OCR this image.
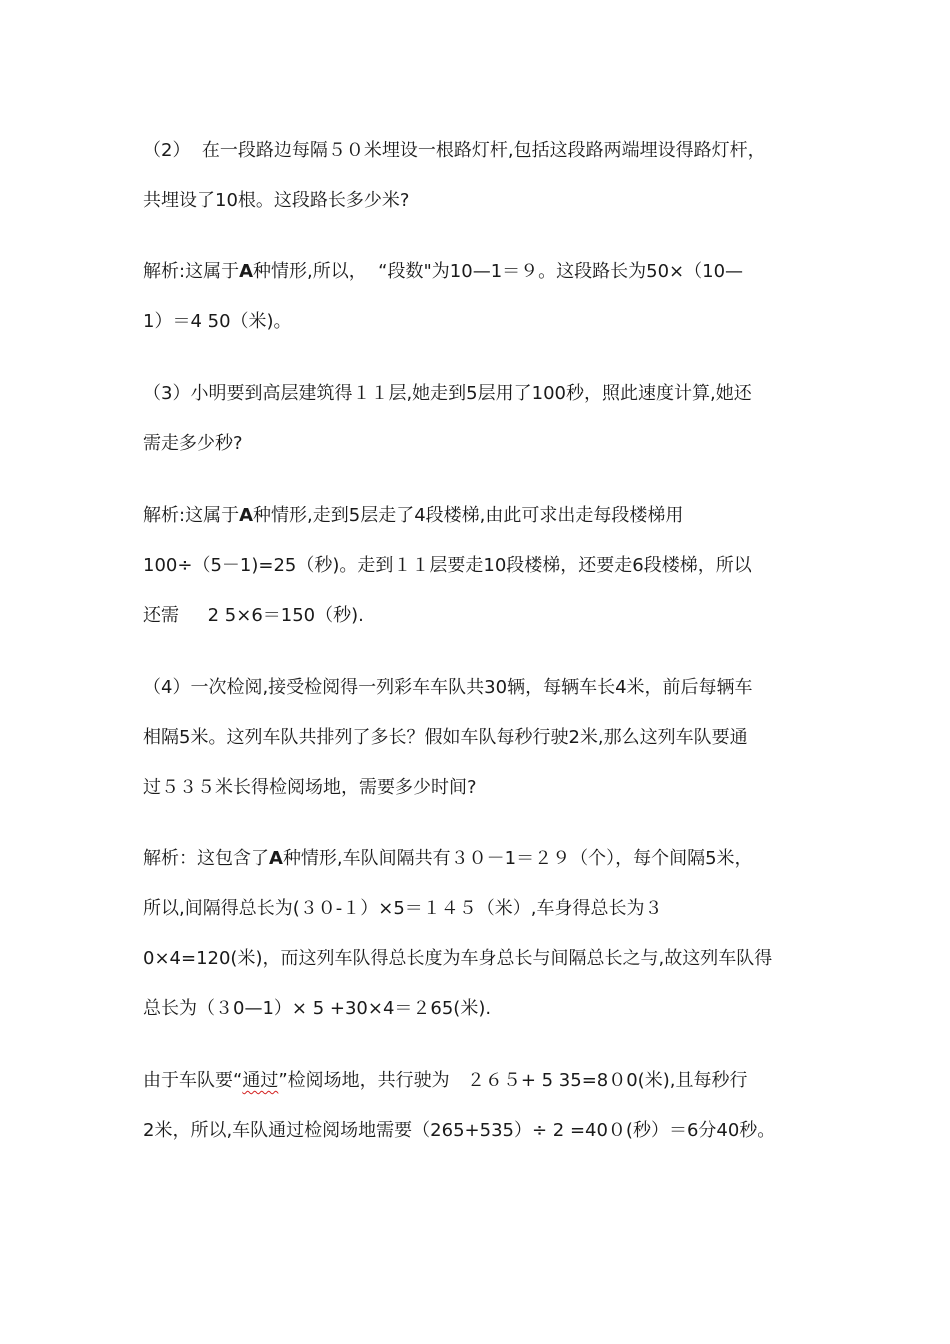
（2）  在一段路边每隔５０米埋设一根路灯杆,包括这段路两端埋设得路灯杆，
共埋设了10根。这段路长多少米?
解析:这属于A种情形,所以，  “段数"为10—1＝９。这段路长为50×（10—
1）＝4 50（米)。
（3）小明要到高层建筑得１１层,她走到5层用了100秒，照此速度计算,她还
需走多少秒?
解析:这属于A种情形,走到5层走了4段楼梯,由此可求出走每段楼梯用
100÷（5－1)=25（秒)。走到１１层要走10段楼梯，还要走6段楼梯，所以
还需     2 5×6＝150（秒).
（4）一次检阅,接受检阅得一列彩车车队共30辆，每辆车长4米，前后每辆车
相隔5米。这列车队共排列了多长？假如车队每秒行驶2米,那么这列车队要通
过５３５米长得检阅场地，需要多少时间?
解析：这包含了A种情形,车队间隔共有３０－1＝２９（个），每个间隔5米，
所以,间隔得总长为(３０-１）×5＝１４５（米）,车身得总长为３
0×4=120(米)，而这列车队得总长度为车身总长与间隔总长之与,故这列车队得
总长为（３0—1）× 5 +30×4＝２65(米).
由于车队要“通过”检阅场地，共行驶为   ２６５+ 5 35=8０0(米),且每秒行
2米，所以,车队通过检阅场地需要（265+535）÷ 2 =40０(秒）＝6分40秒。
